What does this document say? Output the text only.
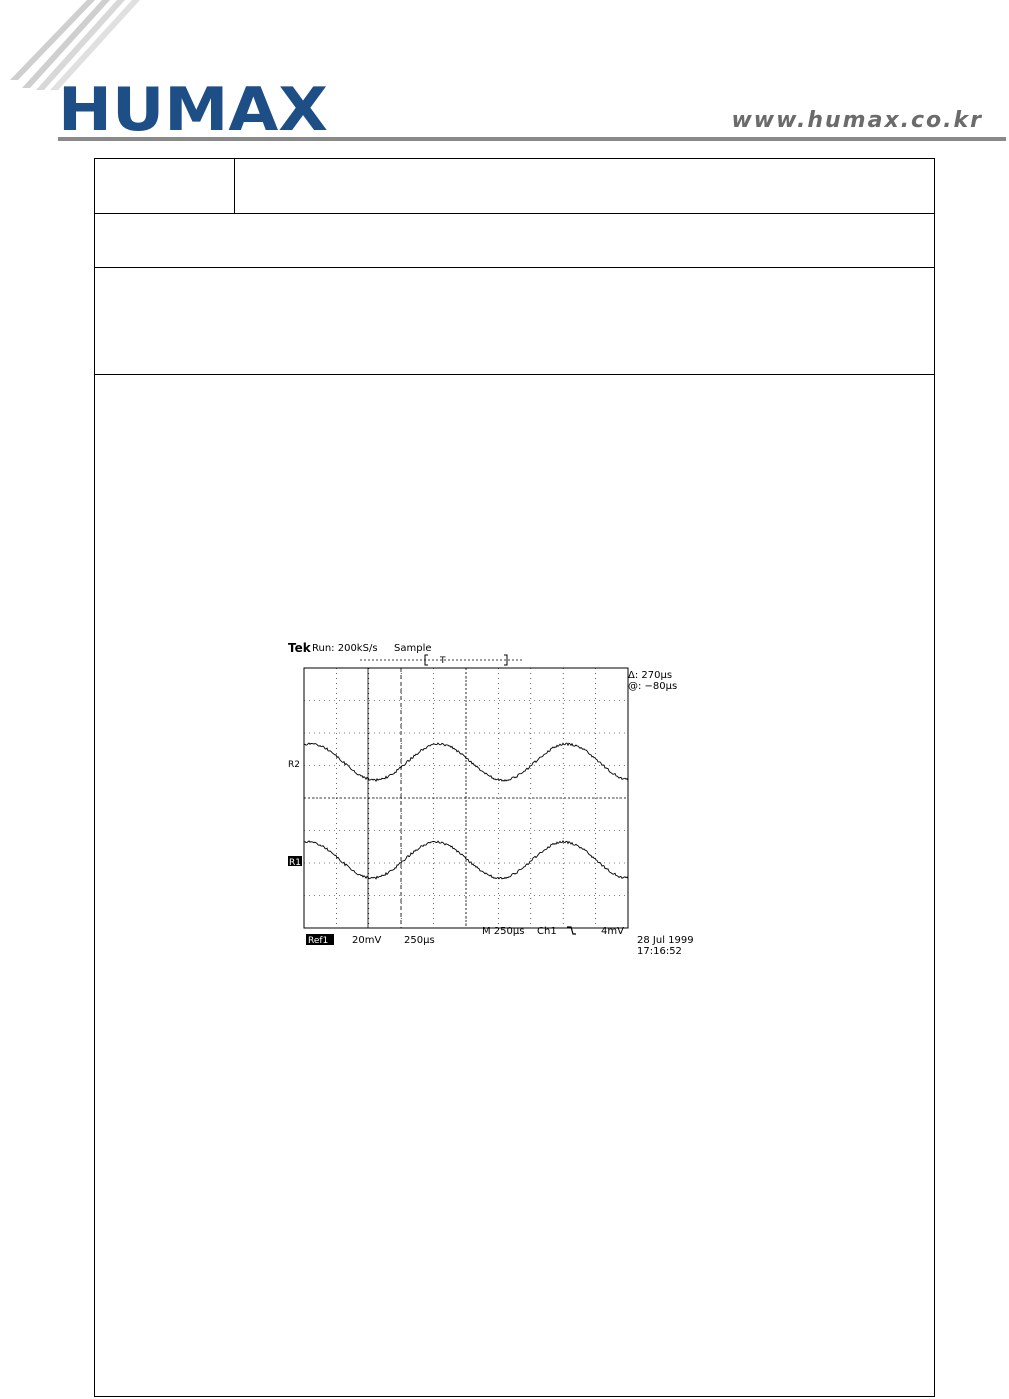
HUMAX	www.humax.co.kr
Tek Run: 200kS/s Sample
T
Δ: 270µs
@: −80µs
R2
R1
Ref1 20mV 250µs
M 250µs Ch1	4mV
28 Jul 1999
17:16:52
